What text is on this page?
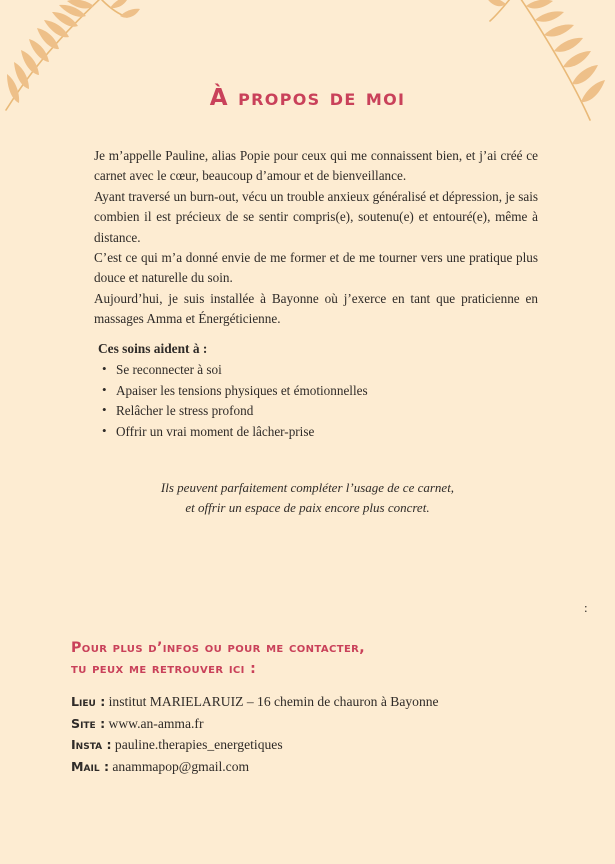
À propos de moi

Je m’appelle Pauline, alias Popie pour ceux qui me connaissent bien, et j’ai créé ce carnet avec le cœur, beaucoup d’amour et de bienveillance.

Ayant traversé un burn-out, vécu un trouble anxieux généralisé et dépression, je sais combien il est précieux de se sentir compris(e), soutenu(e) et entouré(e), même à distance.

C’est ce qui m’a donné envie de me former et de me tourner vers une pratique plus douce et naturelle du soin.

Aujourd’hui, je suis installée à Bayonne où j’exerce en tant que praticienne en massages Amma et Énergéticienne.

Ces soins aident à :
• Se reconnecter à soi
• Apaiser les tensions physiques et émotionnelles
• Relâcher le stress profond
• Offrir un vrai moment de lâcher-prise
Ils peuvent parfaitement compléter l’usage de ce carnet,
et offrir un espace de paix encore plus concret.
:
Pour plus d’infos ou pour me contacter,
tu peux me retrouver ici :
Lieu : institut MARIELARUIZ – 16 chemin de chauron à Bayonne
Site : www.an-amma.fr
Insta : pauline.therapies_energetiques
Mail : anammapop@gmail.com
